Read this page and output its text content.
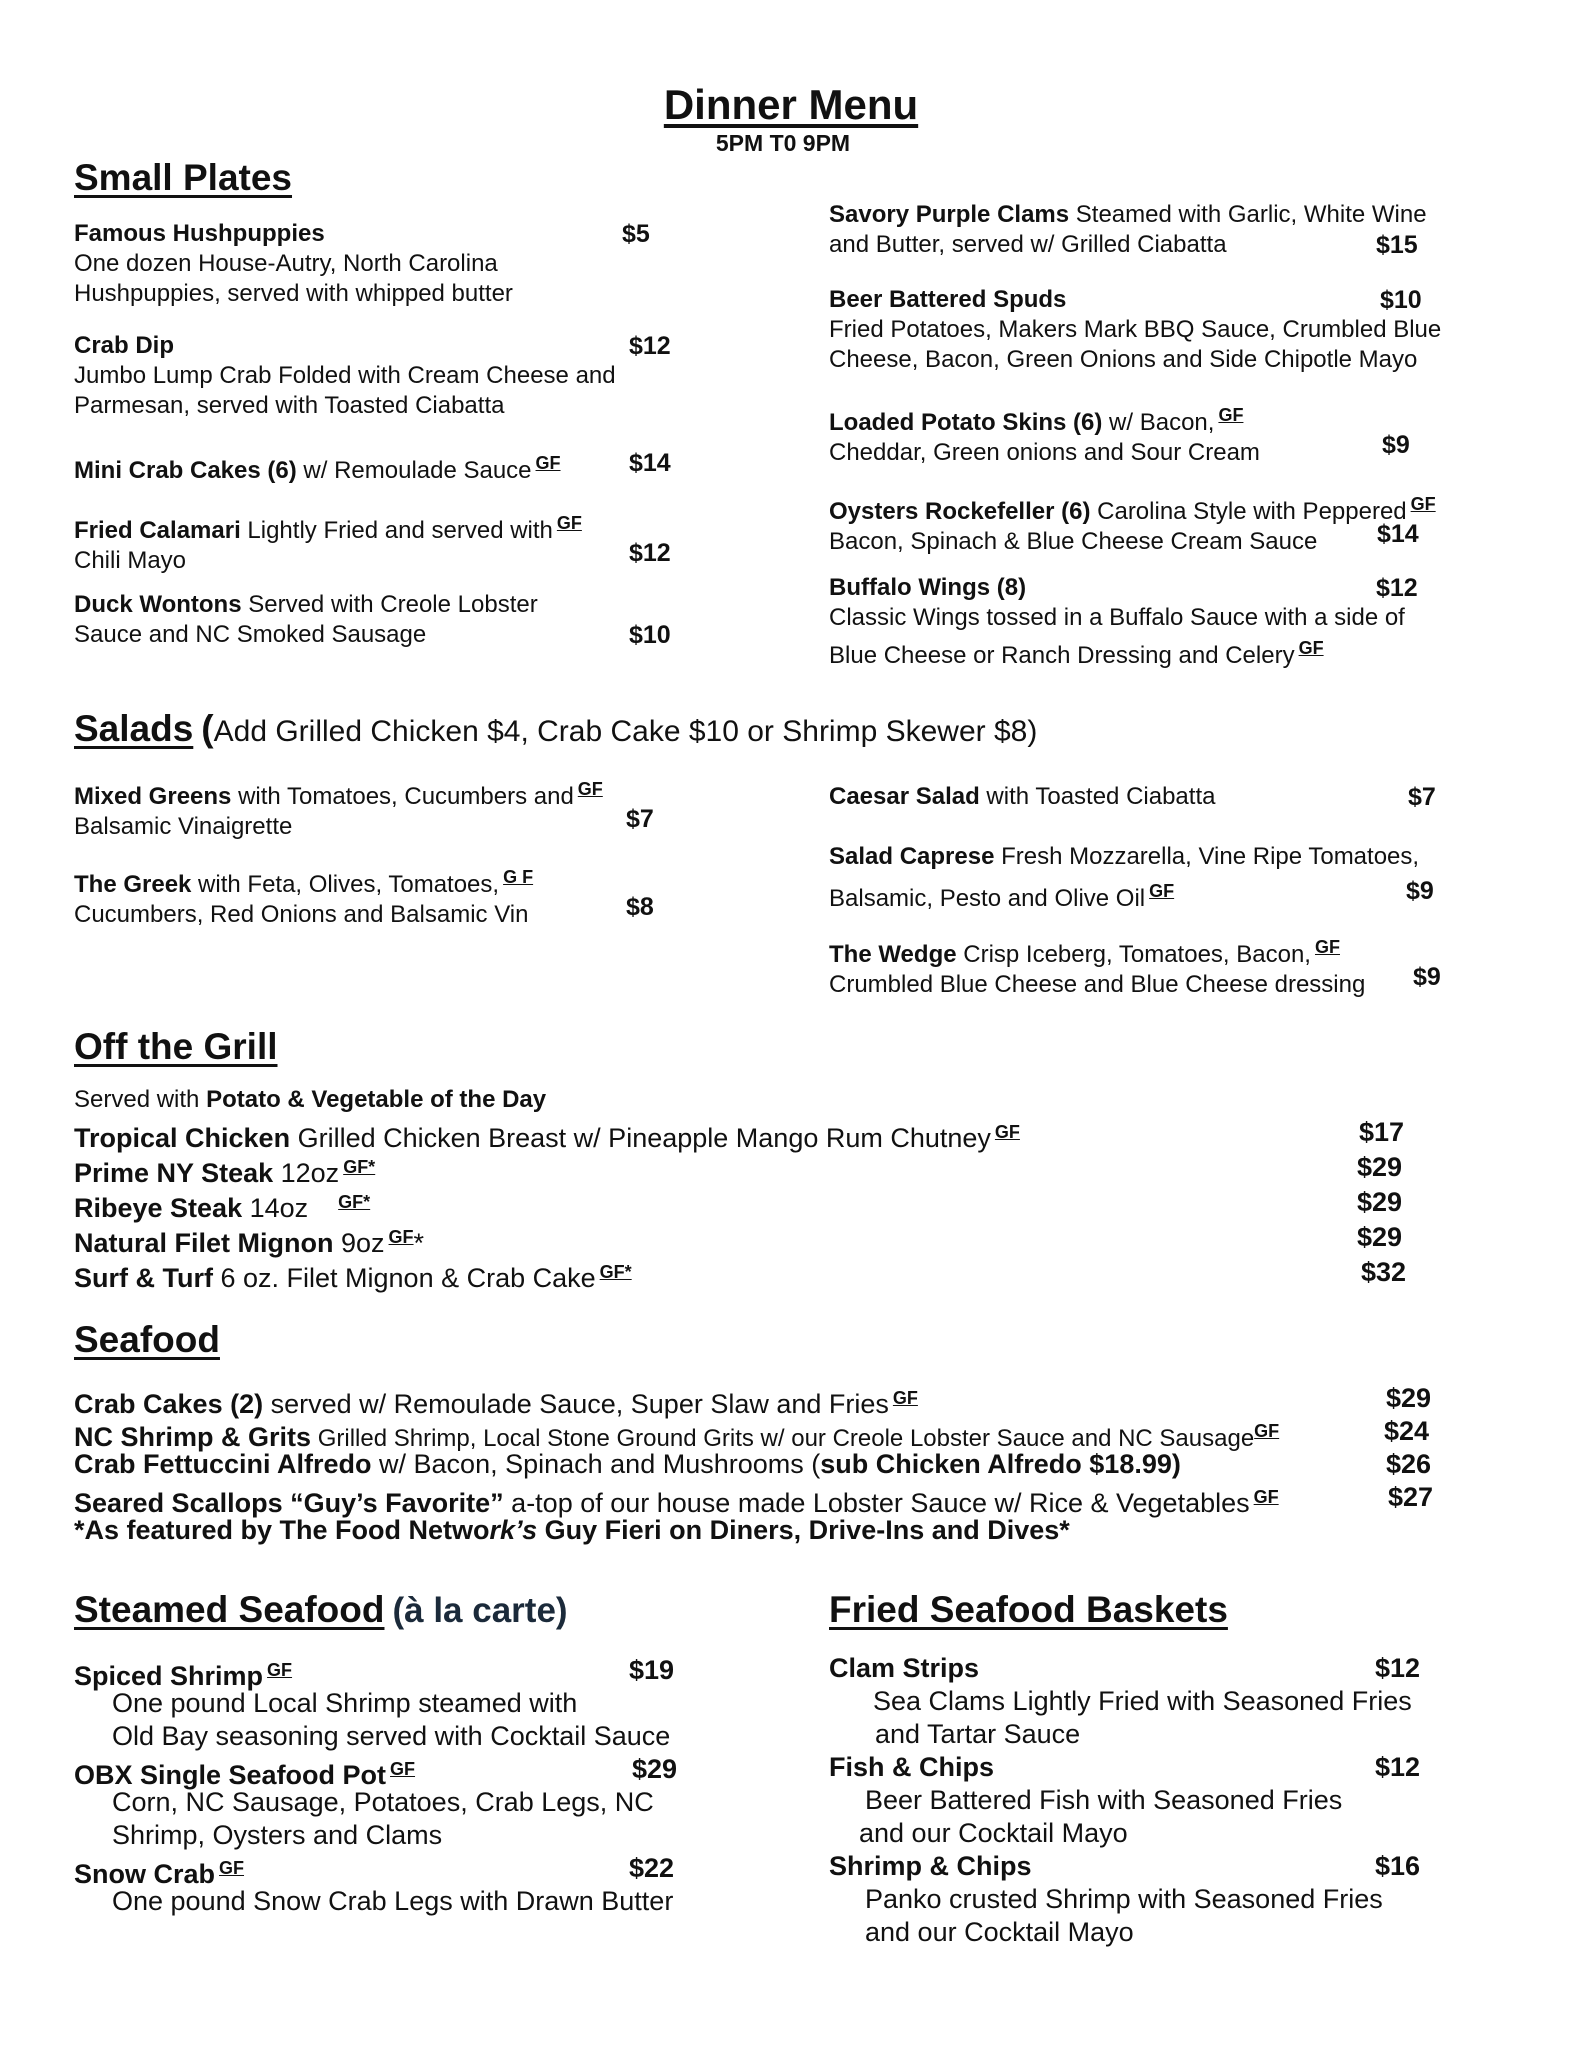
Dinner Menu
5PM T0 9PM
Small Plates
Famous Hushpuppies
One dozen House-Autry, North Carolina
Hushpuppies, served with whipped butter
$5
Crab Dip
Jumbo Lump Crab Folded with Cream Cheese and
Parmesan, served with Toasted Ciabatta
$12
Mini Crab Cakes (6) w/ Remoulade Sauce $^{GF}$	$14
Fried Calamari Lightly Fried and served with $^{GF}$
Chili Mayo	$12
Duck Wontons Served with Creole Lobster
Sauce and NC Smoked Sausage	$10
Savory Purple Clams Steamed with Garlic, White Wine
and Butter, served w/ Grilled Ciabatta	$15
Beer Battered Spuds
Fried Potatoes, Makers Mark BBQ Sauce, Crumbled Blue
Cheese, Bacon, Green Onions and Side Chipotle Mayo
$10
Loaded Potato Skins (6) w/ Bacon, $^{GF}$
Cheddar, Green onions and Sour Cream	$9
Oysters Rockefeller (6) Carolina Style with Peppered $^{GF}$
Bacon, Spinach & Blue Cheese Cream Sauce	$14
Buffalo Wings (8)
Classic Wings tossed in a Buffalo Sauce with a side of
Blue Cheese or Ranch Dressing and Celery $^{GF}$
$12
Salads (Add Grilled Chicken $4, Crab Cake $10 or Shrimp Skewer $8)
Mixed Greens with Tomatoes, Cucumbers and $^{GF}$
Balsamic Vinaigrette	$7
The Greek with Feta, Olives, Tomatoes, $^{G F}$
Cucumbers, Red Onions and Balsamic Vin	$8
Caesar Salad with Toasted Ciabatta	$7
Salad Caprese Fresh Mozzarella, Vine Ripe Tomatoes,
Balsamic, Pesto and Olive Oil $^{GF}$	$9
The Wedge Crisp Iceberg, Tomatoes, Bacon, $^{GF}$
Crumbled Blue Cheese and Blue Cheese dressing	$9
Off the Grill
Served with Potato & Vegetable of the Day
Tropical Chicken Grilled Chicken Breast w/ Pineapple Mango Rum Chutney $^{GF}$	$17
Prime NY Steak 12oz $^{GF*}$	$29
Ribeye Steak 14oz $^{GF*}$	$29
Natural Filet Mignon 9oz $^{GF}$*	$29
Surf & Turf 6 oz. Filet Mignon & Crab Cake $^{GF*}$	$32
Seafood
Crab Cakes (2) served w/ Remoulade Sauce, Super Slaw and Fries $^{GF}$	$29
NC Shrimp & Grits Grilled Shrimp, Local Stone Ground Grits w/ our Creole Lobster Sauce and NC Sausage$^{GF}$	$24
Crab Fettuccini Alfredo w/ Bacon, Spinach and Mushrooms (sub Chicken Alfredo $18.99)	$26
Seared Scallops “Guy’s Favorite” a-top of our house made Lobster Sauce w/ Rice & Vegetables $^{GF}$	$27
*As featured by The Food Network’s Guy Fieri on Diners, Drive-Ins and Dives*
Steamed Seafood (à la carte)
Spiced Shrimp $^{GF}$	$19
One pound Local Shrimp steamed with
Old Bay seasoning served with Cocktail Sauce
OBX Single Seafood Pot $^{GF}$	$29
Corn, NC Sausage, Potatoes, Crab Legs, NC
Shrimp, Oysters and Clams
Snow Crab $^{GF}$	$22
One pound Snow Crab Legs with Drawn Butter
Fried Seafood Baskets
Clam Strips	$12
Sea Clams Lightly Fried with Seasoned Fries
and Tartar Sauce
Fish & Chips	$12
Beer Battered Fish with Seasoned Fries
and our Cocktail Mayo
Shrimp & Chips	$16
Panko crusted Shrimp with Seasoned Fries
and our Cocktail Mayo
